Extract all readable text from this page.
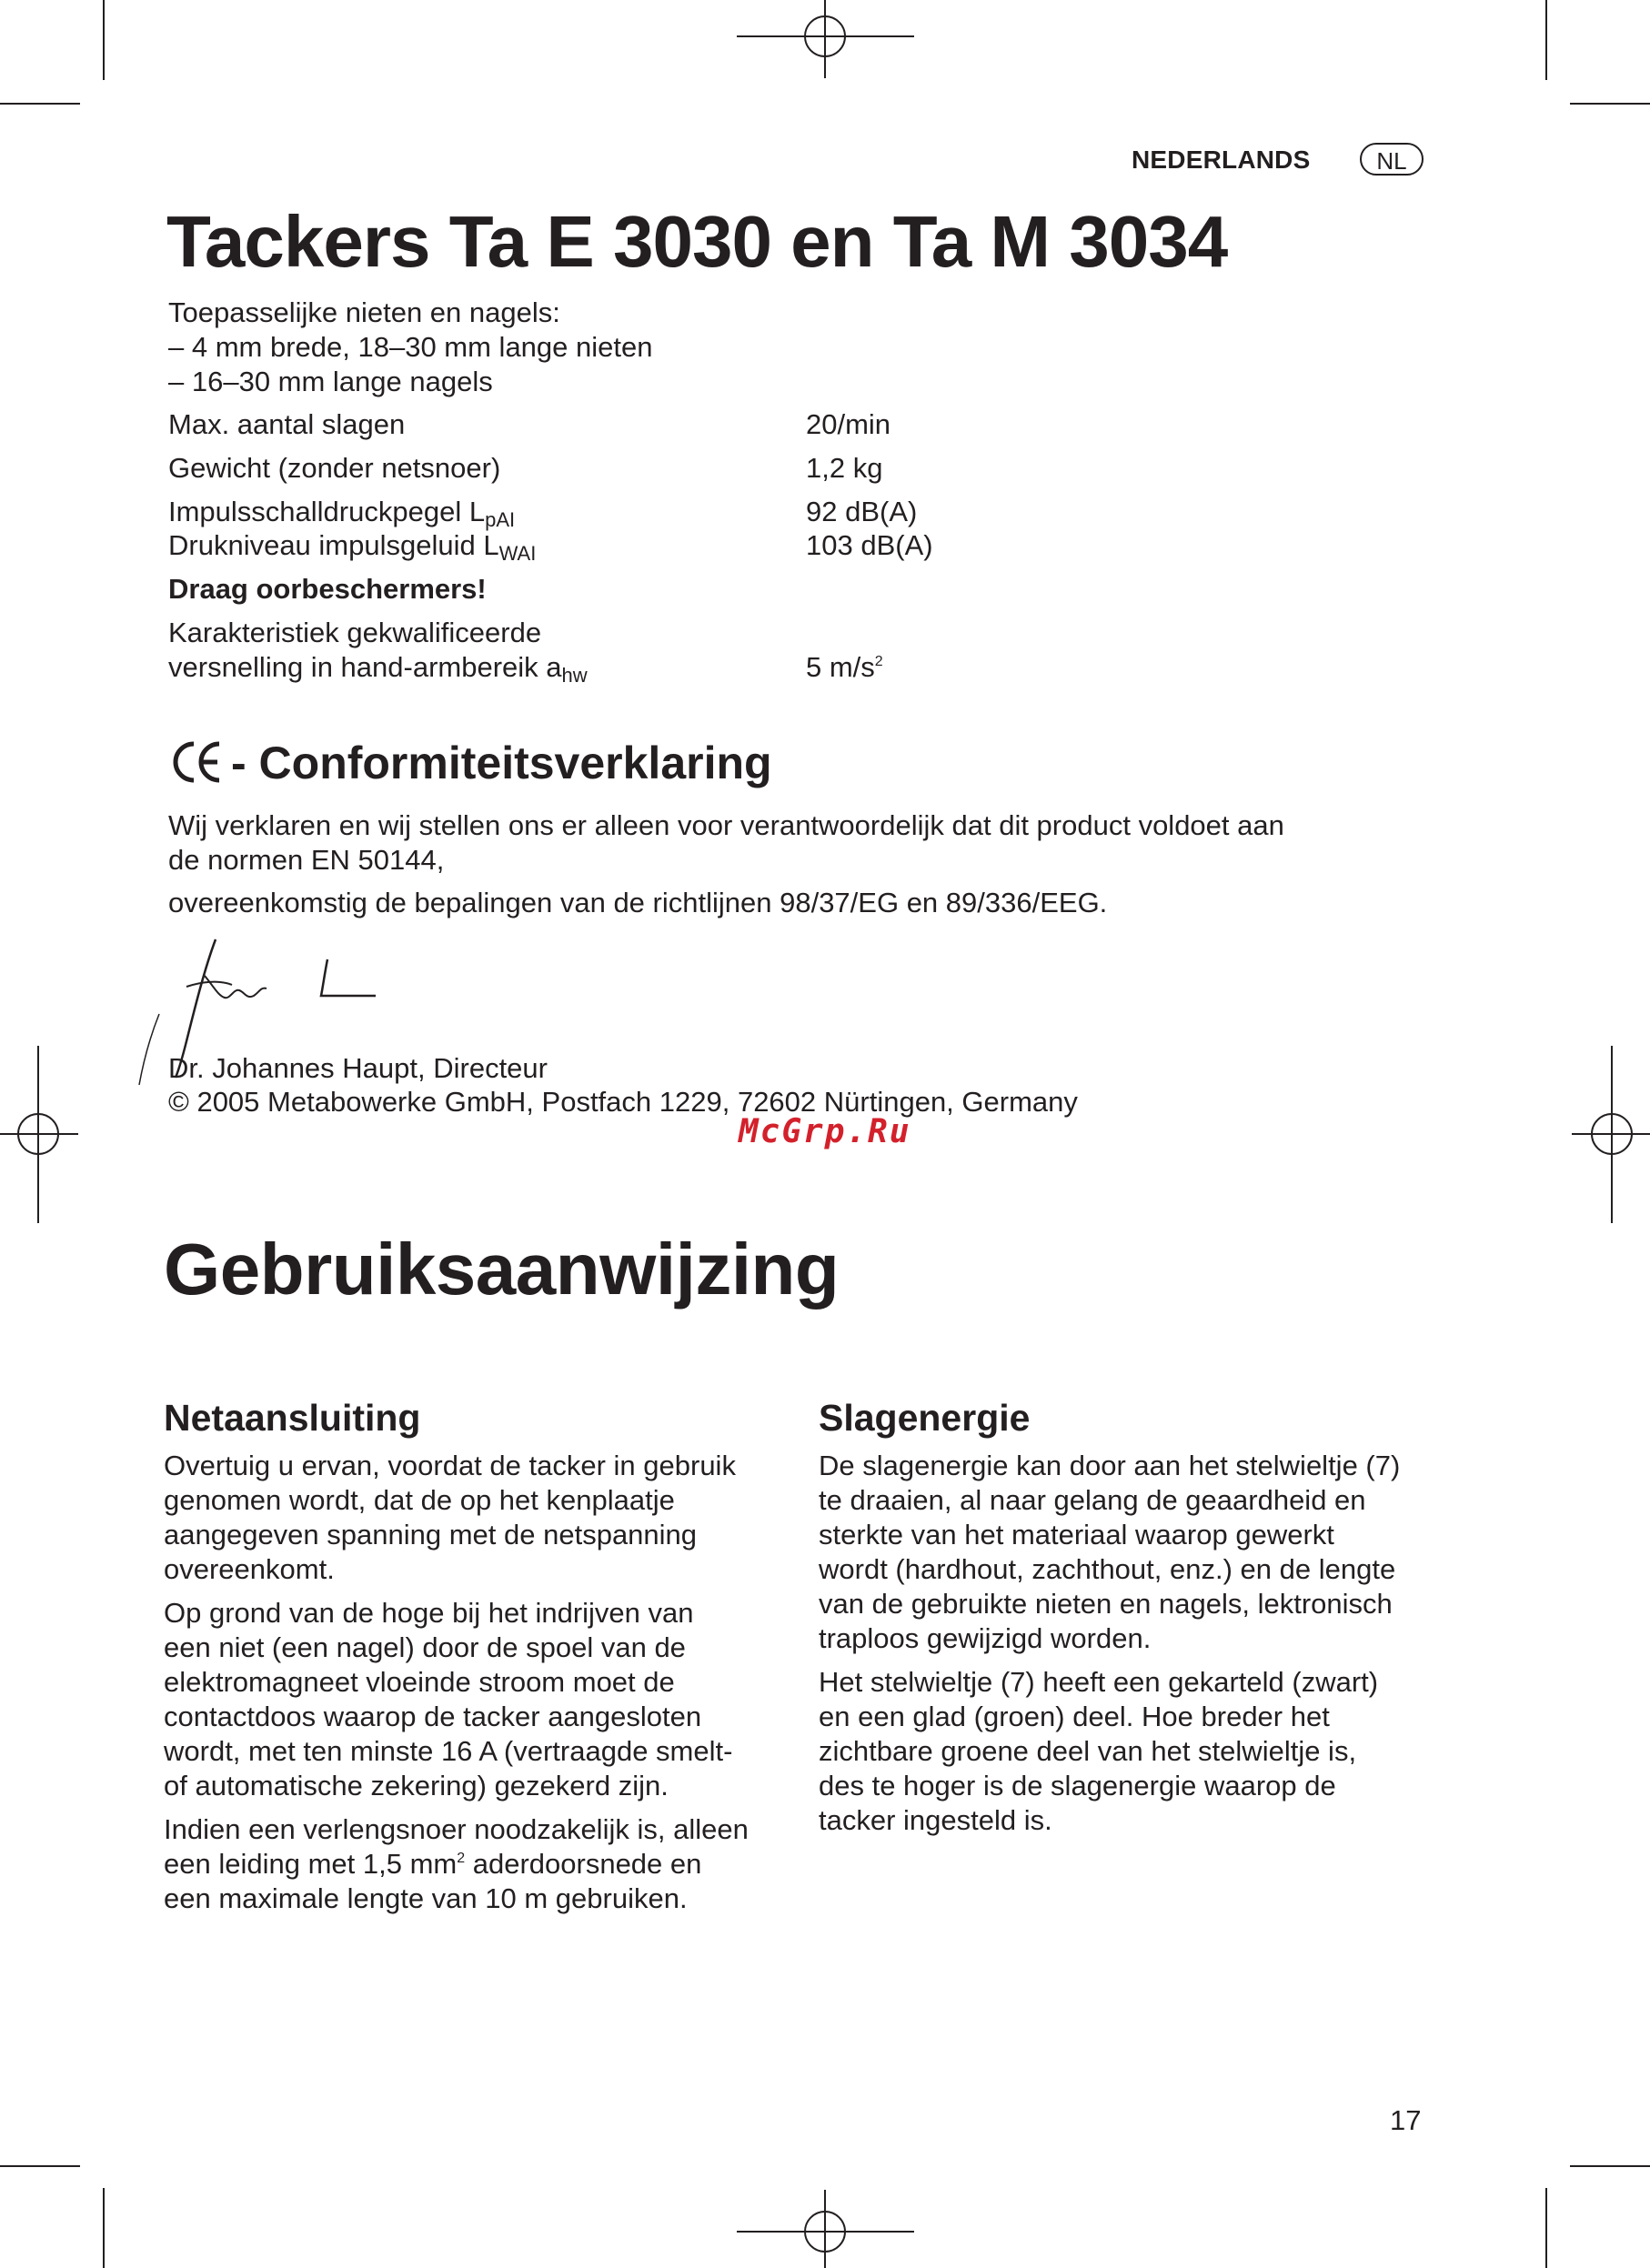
NEDERLANDS	NL
Tackers Ta E 3030 en Ta M 3034
Toepasselijke nieten en nagels:
– 4 mm brede, 18–30 mm lange nieten
– 16–30 mm lange nagels
Max. aantal slagen	20/min
Gewicht (zonder netsnoer)	1,2 kg
Impulsschalldruckpegel $L_{pAI}$	92 dB(A)
Drukniveau impulsgeluid $L_{WAI}$	103 dB(A)
Draag oorbeschermers!
Karakteristiek gekwalificeerde
versnelling in hand-armbereik $a_{hw}$	5 $m/s^2$
- Conformiteitsverklaring
Wij verklaren en wij stellen ons er alleen voor verantwoordelijk dat dit product voldoet aan
de normen EN 50144,
overeenkomstig de bepalingen van de richtlijnen 98/37/EG en 89/336/EEG.
Dr. Johannes Haupt, Directeur
© 2005 Metabowerke GmbH, Postfach 1229, 72602 Nürtingen, Germany
McGrp.Ru
Gebruiksaanwijzing
Netaansluiting

Overtuig u ervan, voordat de tacker in gebruik
genomen wordt, dat de op het kenplaatje
aangegeven spanning met de netspanning
overeenkomt.

Op grond van de hoge bij het indrijven van
een niet (een nagel) door de spoel van de
elektromagneet vloeinde stroom moet de
contactdoos waarop de tacker aangesloten
wordt, met ten minste 16 A (vertraagde smelt-
of automatische zekering) gezekerd zijn.

Indien een verlengsnoer noodzakelijk is, alleen
een leiding met 1,5 $mm^2$ aderdoorsnede en
een maximale lengte van 10 m gebruiken.

Slagenergie

De slagenergie kan door aan het stelwieltje (7)
te draaien, al naar gelang de geaardheid en
sterkte van het materiaal waarop gewerkt
wordt (hardhout, zachthout, enz.) en de lengte
van de gebruikte nieten en nagels, lektronisch
traploos gewijzigd worden.

Het stelwieltje (7) heeft een gekarteld (zwart)
en een glad (groen) deel. Hoe breder het
zichtbare groene deel van het stelwieltje is,
des te hoger is de slagenergie waarop de
tacker ingesteld is.

17
